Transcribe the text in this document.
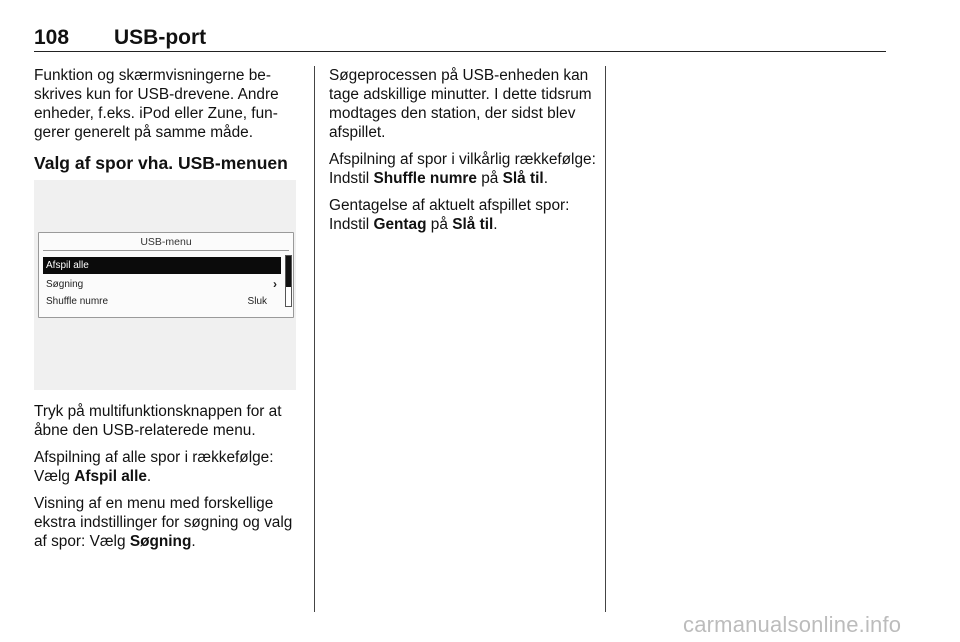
108 USB-port

Funktion og skærmvisningerne beskrives kun for USB-drevene. Andre enheder, f.eks. iPod eller Zune, fungerer generelt på samme måde.

Valg af spor vha. USB-menuen

Tryk på multifunktionsknappen for at åbne den USB-relaterede menu.

Afspilning af alle spor i rækkefølge: Vælg Afspil alle.

Visning af en menu med forskellige ekstra indstillinger for søgning og valg af spor: Vælg Søgning.

USB-menu
Afspil alle
Søgning	›
Shuffle numre	Sluk

Søgeprocessen på USB-enheden kan tage adskillige minutter. I dette tidsrum modtages den station, der sidst blev afspillet.

Afspilning af spor i vilkårlig rækkefølge: Indstil Shuffle numre på Slå til.

Gentagelse af aktuelt afspillet spor: Indstil Gentag på Slå til.

carmanualsonline.info
